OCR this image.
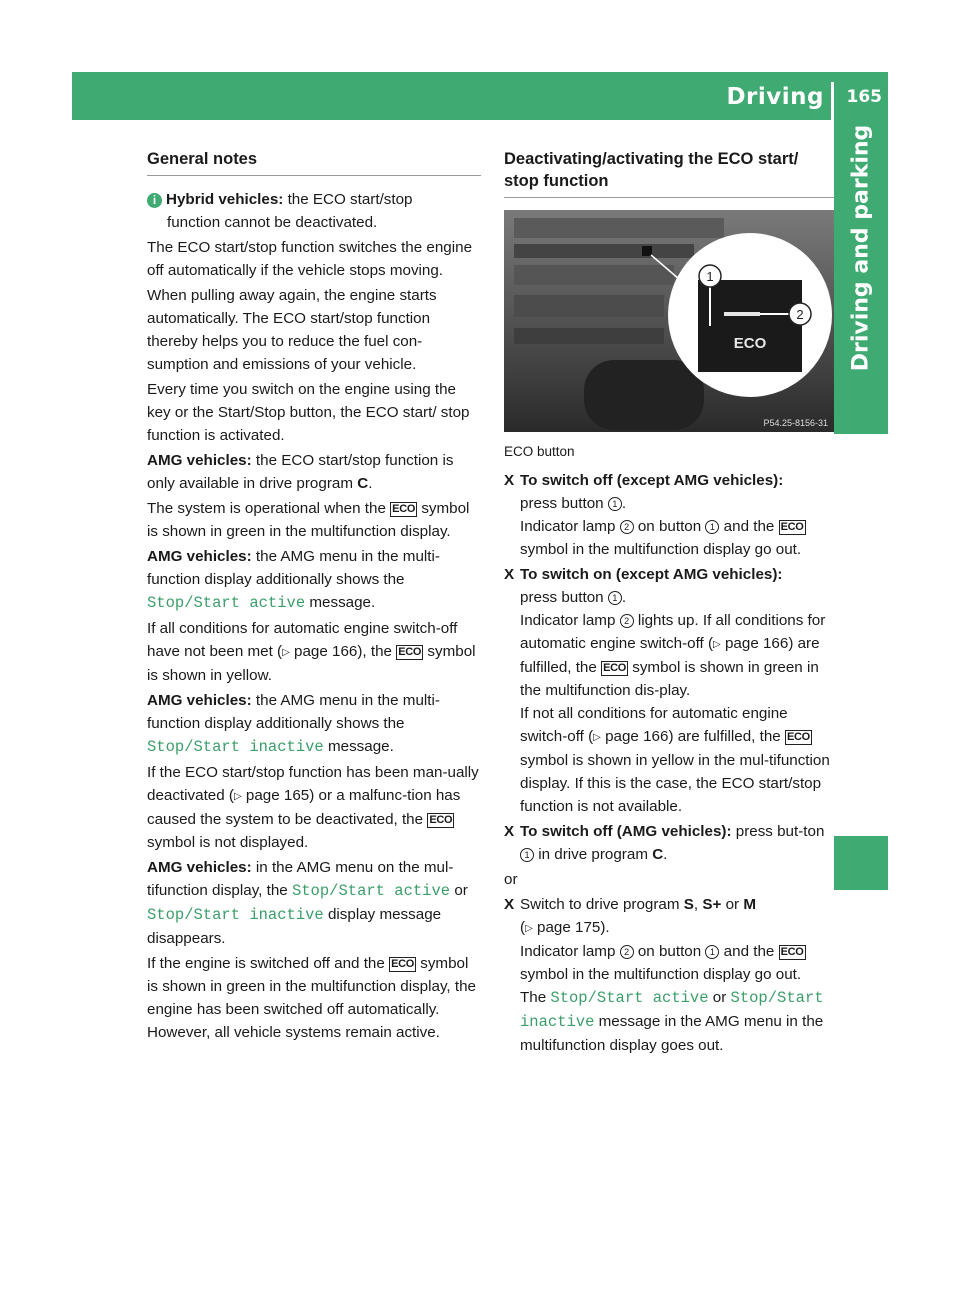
Driving 165
Driving and parking
General notes

i Hybrid vehicles: the ECO start/stop
function cannot be deactivated.

The ECO start/stop function switches the engine off automatically if the vehicle stops moving.

When pulling away again, the engine starts automatically. The ECO start/stop function thereby helps you to reduce the fuel con-sumption and emissions of your vehicle.

Every time you switch on the engine using the key or the Start/Stop button, the ECO start/ stop function is activated.

AMG vehicles: the ECO start/stop function is only available in drive program C.

The system is operational when the ECO symbol is shown in green in the multifunction display.

AMG vehicles: the AMG menu in the multi-function display additionally shows the Stop/Start active message.

If all conditions for automatic engine switch-off have not been met (▷ page 166), the ECO symbol is shown in yellow.

AMG vehicles: the AMG menu in the multi-function display additionally shows the Stop/Start inactive message.

If the ECO start/stop function has been man-ually deactivated (▷ page 165) or a malfunc-tion has caused the system to be deactivated, the ECO symbol is not displayed.

AMG vehicles: in the AMG menu on the mul-tifunction display, the Stop/Start active or Stop/Start inactive display message disappears.

If the engine is switched off and the ECO symbol is shown in green in the multifunction display, the engine has been switched off automatically. However, all vehicle systems remain active.

Deactivating/activating the ECO start/ stop function
ECO
1
2
P54.25-8156-31
ECO button

X To switch off (except AMG vehicles):
press button 1 .
Indicator lamp 2 on button 1 and the ECO symbol in the multifunction display go out.

X To switch on (except AMG vehicles):
press button 1 .
Indicator lamp 2 lights up. If all conditions for automatic engine switch-off (▷ page 166) are fulfilled, the ECO symbol is shown in green in the multifunction dis-play.
If not all conditions for automatic engine switch-off (▷ page 166) are fulfilled, the ECO symbol is shown in yellow in the mul-tifunction display. If this is the case, the ECO start/stop function is not available.

X To switch off (AMG vehicles): press but-ton 1 in drive program C.

or

X Switch to drive program S, S+ or M
(▷ page 175).
Indicator lamp 2 on button 1 and the ECO symbol in the multifunction display go out.
The Stop/Start active or Stop/Start inactive message in the AMG menu in the multifunction display goes out.
